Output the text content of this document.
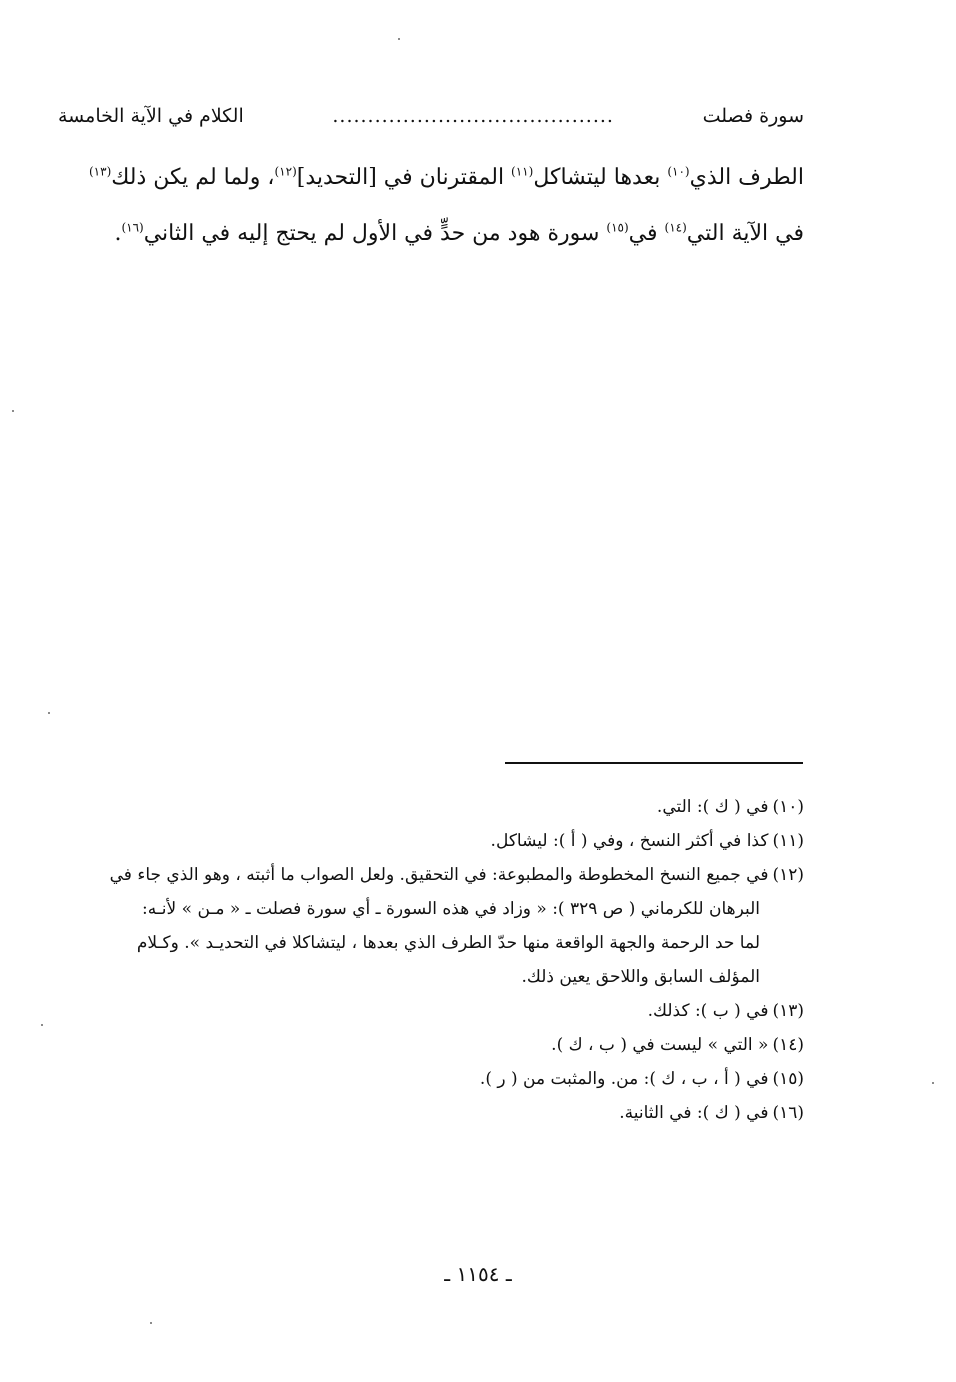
سورة فصلت
........................................
الكلام في الآية الخامسة
الطرف الذي$^{(١٠)}$ بعدها ليتشاكل$^{(١١)}$ المقترنان في [التحديد]$^{(١٢)}$، ولما لم يكن ذلك$^{(١٣)}$
في الآية التي$^{(١٤)}$ في$^{(١٥)}$ سورة هود من حدٍّ في الأول لم يحتج إليه في الثاني$^{(١٦)}$.
(١٠)في ( ك ): التي.
(١١)كذا في أكثر النسخ ، وفي ( أ ): ليشاكل.
(١٢)في جميع النسخ المخطوطة والمطبوعة: في التحقيق. ولعل الصواب ما أثبته ، وهو الذي جاء في
البرهان للكرماني ( ص ٣٢٩ ): « وزاد في هذه السورة ـ أي سورة فصلت ـ « مـن » لأنـه:
لما حد الرحمة والجهة الواقعة منها حدّ الطرف الذي بعدها ، ليتشاكلا في التحديـد ». وكـلام
المؤلف السابق واللاحق يعين ذلك.
(١٣)في ( ب ): كذلك.
(١٤)« التي » ليست في ( ب ، ك ).
(١٥)في ( أ ، ب ، ك ): من. والمثبت من ( ر ).
(١٦)في ( ك ): في الثانية.
ـ ١١٥٤ ـ
